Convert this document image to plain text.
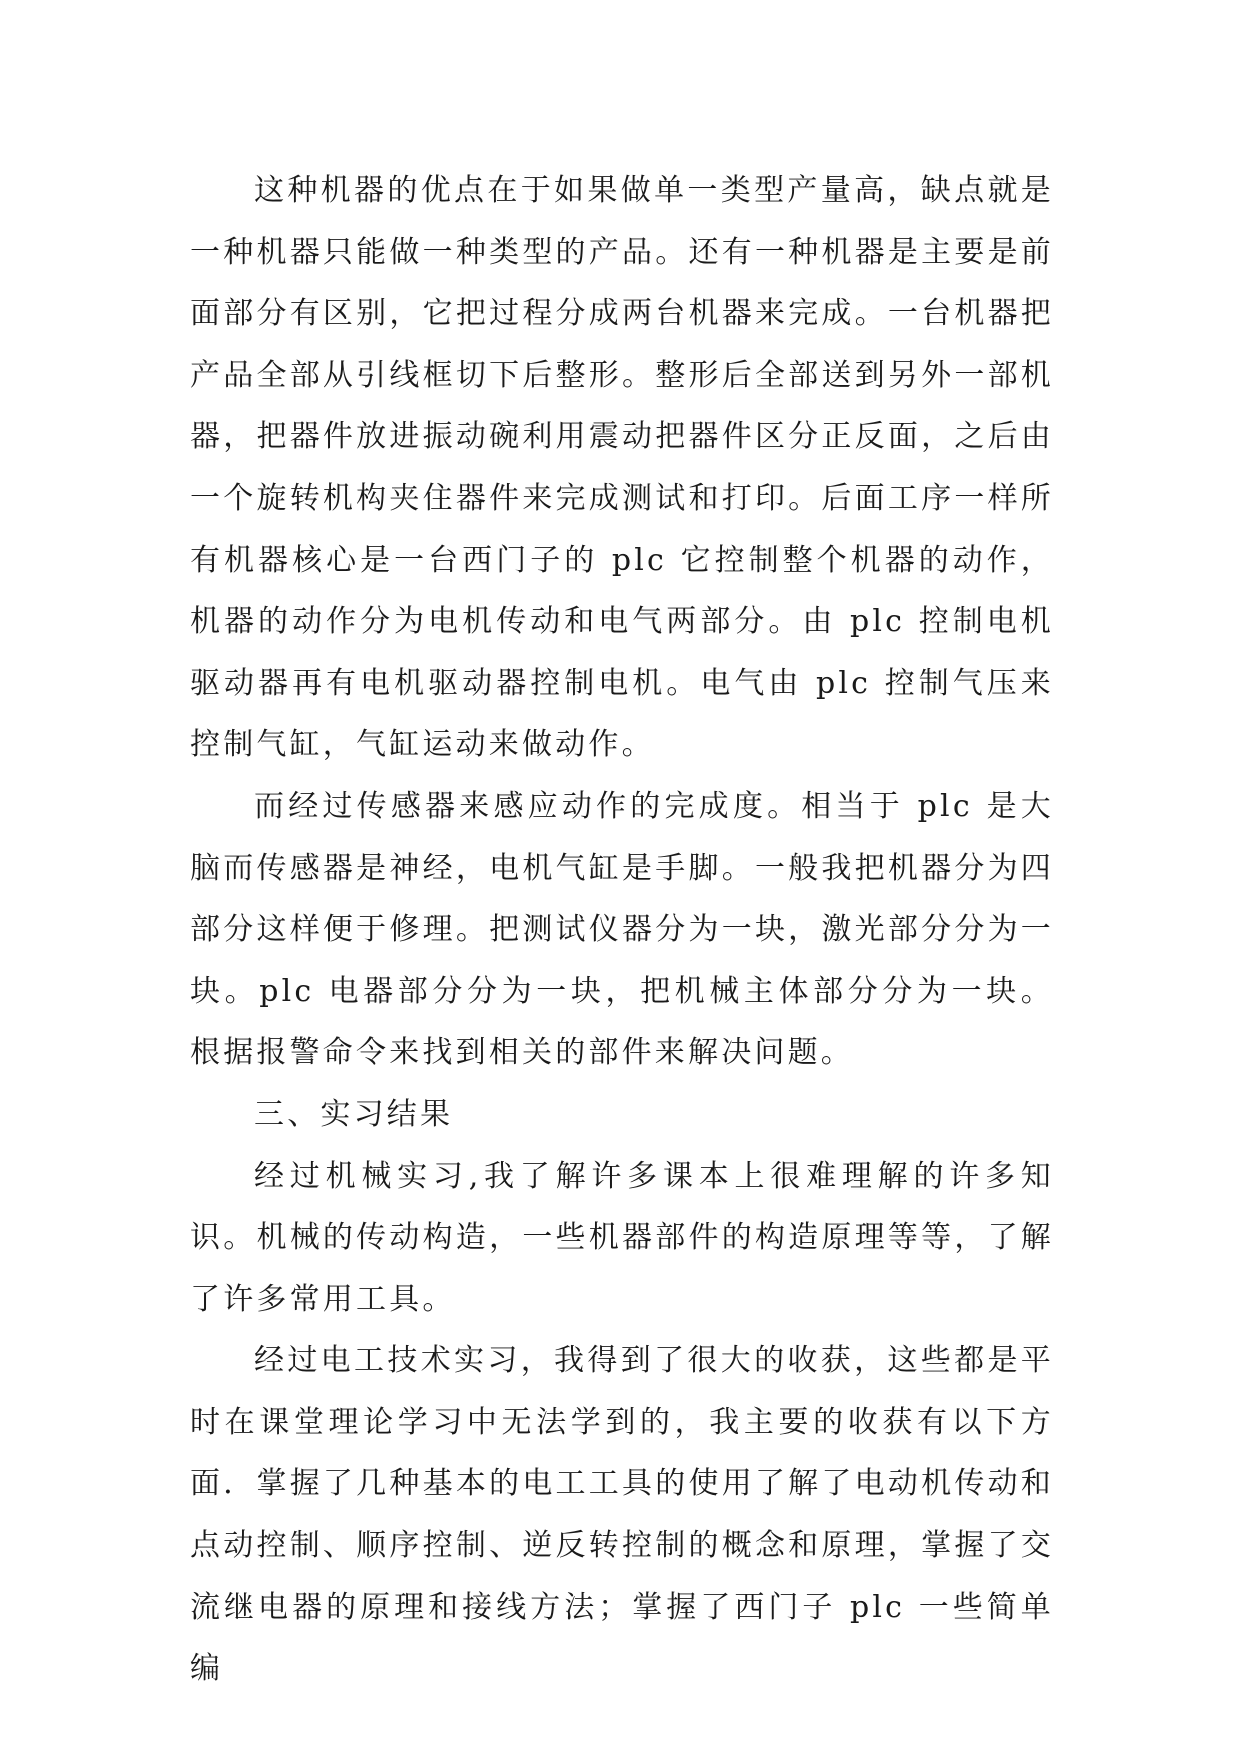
这种机器的优点在于如果做单一类型产量高，缺点就是一种机器只能做一种类型的产品。还有一种机器是主要是前面部分有区别，它把过程分成两台机器来完成。一台机器把产品全部从引线框切下后整形。整形后全部送到另外一部机器，把器件放进振动碗利用震动把器件区分正反面，之后由一个旋转机构夹住器件来完成测试和打印。后面工序一样所有机器核心是一台西门子的 plc 它控制整个机器的动作，机器的动作分为电机传动和电气两部分。由 plc 控制电机驱动器再有电机驱动器控制电机。电气由 plc 控制气压来控制气缸，气缸运动来做动作。

而经过传感器来感应动作的完成度。相当于 plc 是大脑而传感器是神经，电机气缸是手脚。一般我把机器分为四部分这样便于修理。把测试仪器分为一块，激光部分分为一块。plc 电器部分分为一块，把机械主体部分分为一块。根据报警命令来找到相关的部件来解决问题。

三、实习结果

经过机械实习,我了解许多课本上很难理解的许多知识。机械的传动构造，一些机器部件的构造原理等等，了解了许多常用工具。

经过电工技术实习，我得到了很大的收获，这些都是平时在课堂理论学习中无法学到的，我主要的收获有以下方面．掌握了几种基本的电工工具的使用了解了电动机传动和点动控制、顺序控制、逆反转控制的概念和原理，掌握了交流继电器的原理和接线方法；掌握了西门子 plc 一些简单编
